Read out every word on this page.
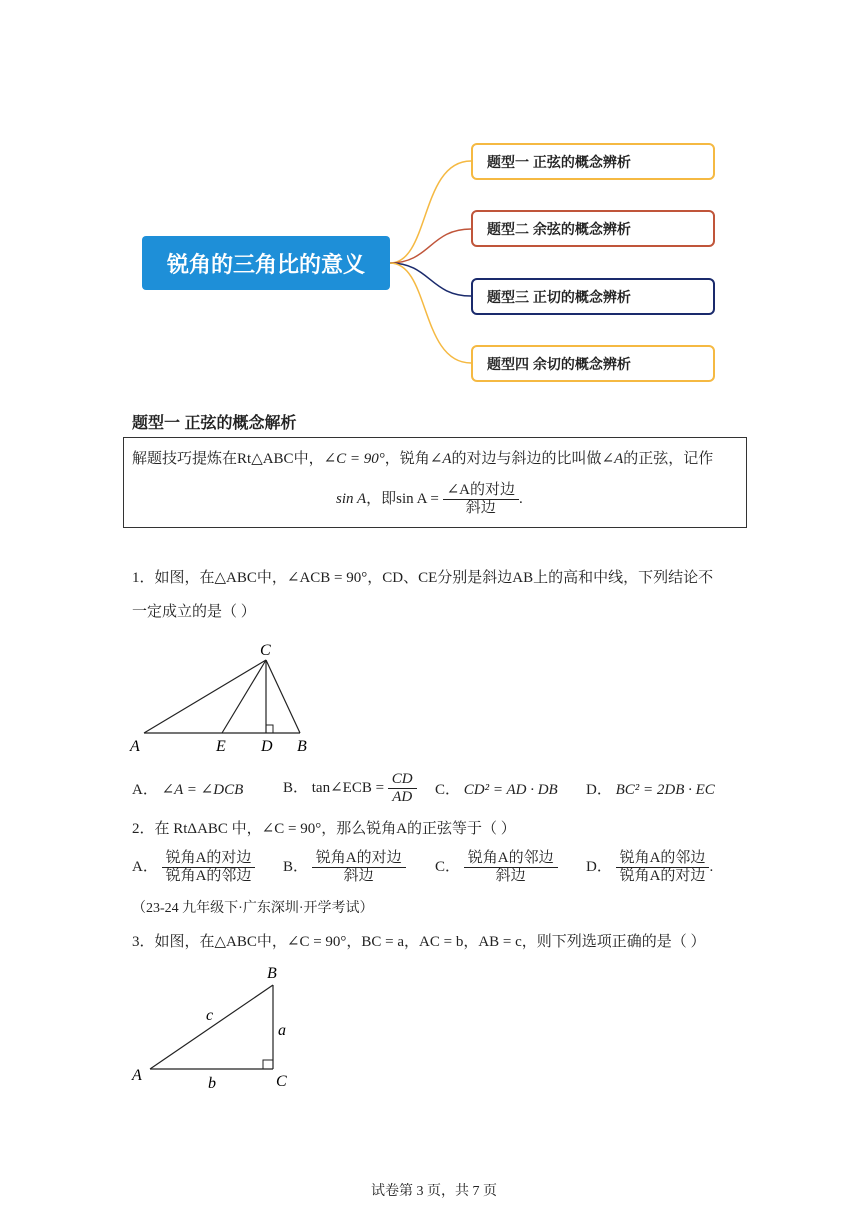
锐角的三角比的意义
题型一 正弦的概念辨析
题型二 余弦的概念辨析
题型三 正切的概念辨析
题型四 余切的概念辨析
题型一 正弦的概念解析
解题技巧提炼在Rt△ABC中，∠C = 90°，锐角∠A的对边与斜边的比叫做∠A的正弦，记作
sin A，即$\sin A = \frac{\text{∠A的对边}}{\text{斜边}}$ .
1．如图，在△ABC中，∠ACB = 90°，CD、CE分别是斜边AB上的高和中线，下列结论不
一定成立的是（ ）
C
A	E D B
A． ∠A = ∠DCB	B． tan∠ECB = $\frac{CD}{AD}$ C． CD² = AD · DB D． BC² = 2DB · EC
2．在 RtΔABC 中，∠C = 90°，那么锐角A的正弦等于（ ）
A． $\frac{\text{锐角A的对边}}{\text{锐角A的邻边}}$ B． $\frac{\text{锐角A的对边}}{\text{斜边}}$ C． $\frac{\text{锐角A的邻边}}{\text{斜边}}$ D． $\frac{\text{锐角A的邻边}}{\text{锐角A的对边}}$ .
（23-24 九年级下·广东深圳·开学考试）
3．如图，在△ABC中，∠C = 90°，BC = a，AC = b，AB = c，则下列选项正确的是（ ）
B
c
a
A	b	C
试卷第 3 页，共 7 页
